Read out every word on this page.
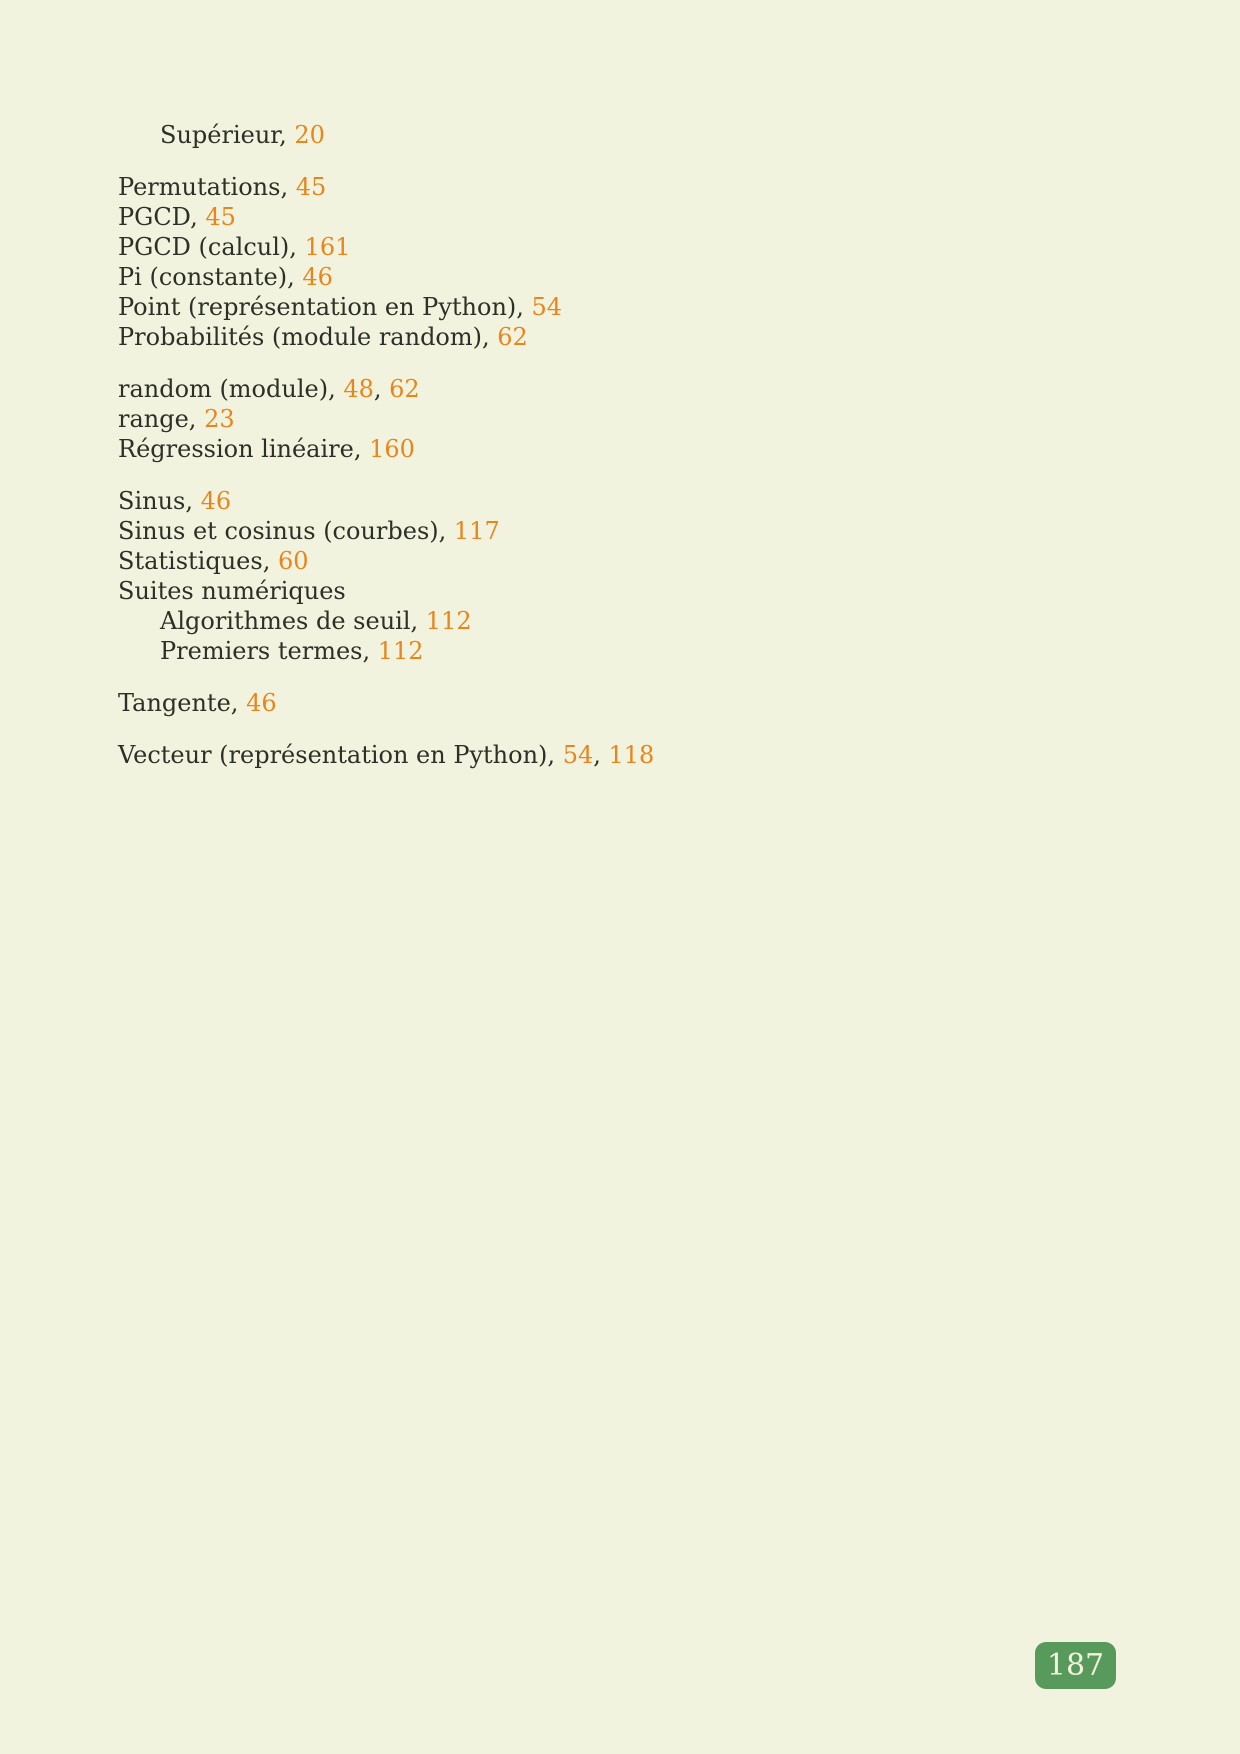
Supérieur, 20
Permutations, 45
PGCD, 45
PGCD (calcul), 161
Pi (constante), 46
Point (représentation en Python), 54
Probabilités (module random), 62
random (module), 48, 62
range, 23
Régression linéaire, 160
Sinus, 46
Sinus et cosinus (courbes), 117
Statistiques, 60
Suites numériques
Algorithmes de seuil, 112
Premiers termes, 112
Tangente, 46
Vecteur (représentation en Python), 54, 118
187
